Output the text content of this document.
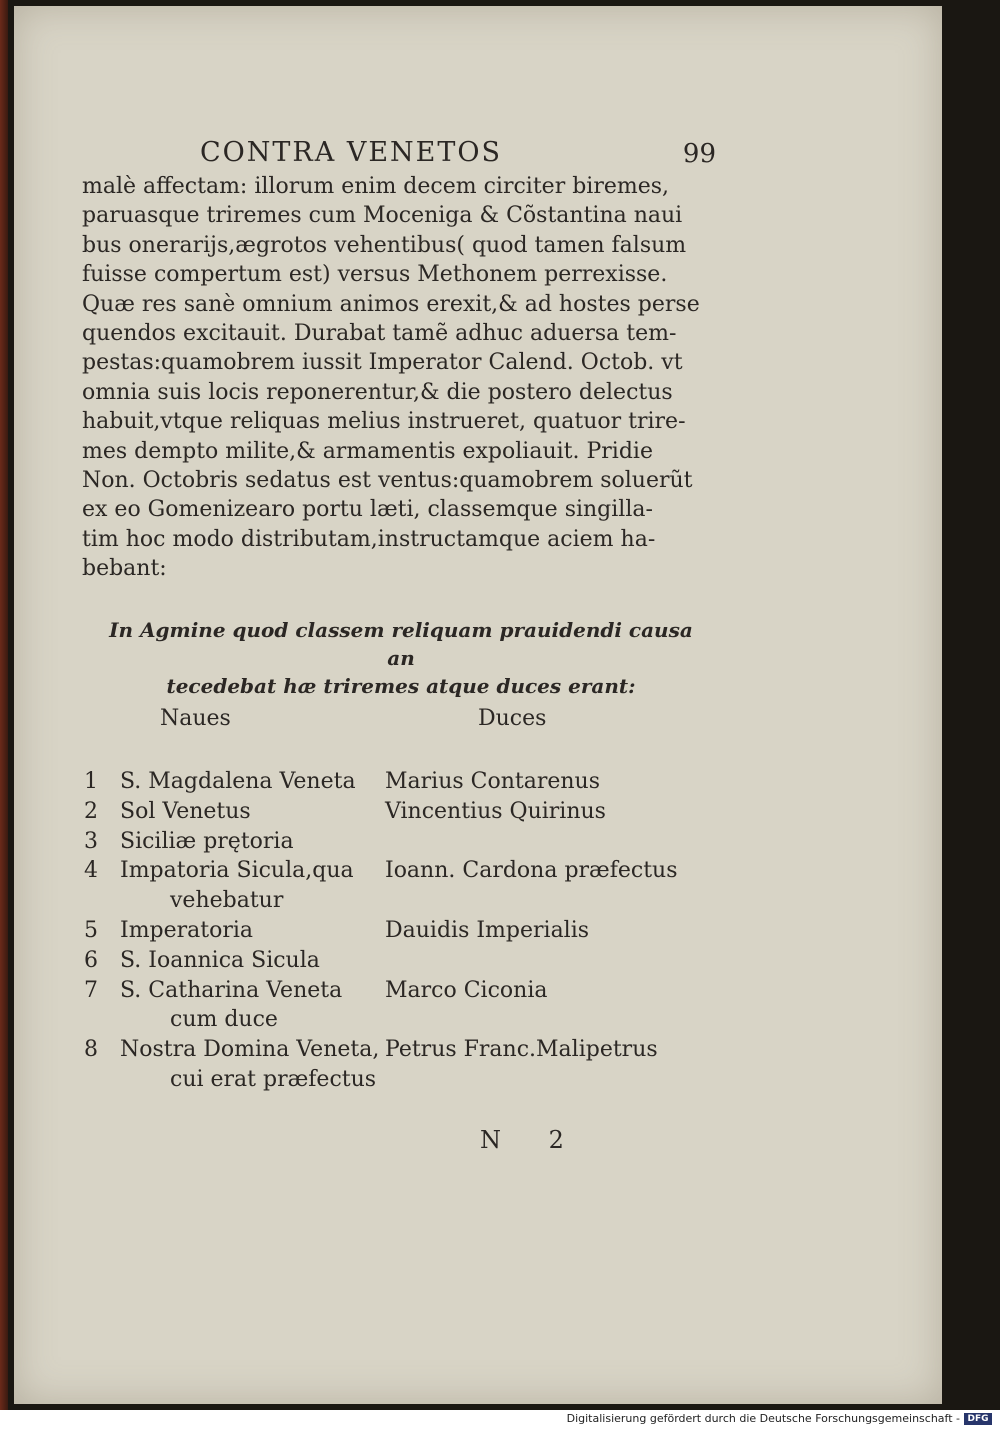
CONTRA VENETOS	99
malè affectam: illorum enim decem circiter biremes,
paruasque triremes cum Moceniga & Cõstantina naui
bus onerarijs,ægrotos vehentibus( quod tamen falsum
fuisse compertum est) versus Methonem perrexisse.
Quæ res sanè omnium animos erexit,& ad hostes perse
quendos excitauit. Durabat tamẽ adhuc aduersa tem-
pestas:quamobrem iussit Imperator Calend. Octob. vt
omnia suis locis reponerentur,& die postero delectus
habuit,vtque reliquas melius instrueret, quatuor trire-
mes dempto milite,& armamentis expoliauit. Pridie
Non. Octobris sedatus est ventus:quamobrem soluerũt
ex eo Gomenizearo portu læti, classemque singilla-
tim hoc modo distributam,instructamque aciem ha-
bebant:
In Agmine quod classem reliquam prauidendi causa an
tecedebat hæ triremes atque duces erant:
Naues	Duces
1	S. Magdalena Veneta	Marius Contarenus
2	Sol Venetus	Vincentius Quirinus
3	Siciliæ prętoria
4	Impatoria Sicula,qua	Ioann. Cardona præfectus
vehebatur
5	Imperatoria	Dauidis Imperialis
6	S. Ioannica Sicula
7	S. Catharina Veneta	Marco Ciconia
cum duce
8	Nostra Domina Veneta, Petrus Franc.Malipetrus
cui erat præfectus
N 2
Digitalisierung gefördert durch die Deutsche Forschungsgemeinschaft - DFG
